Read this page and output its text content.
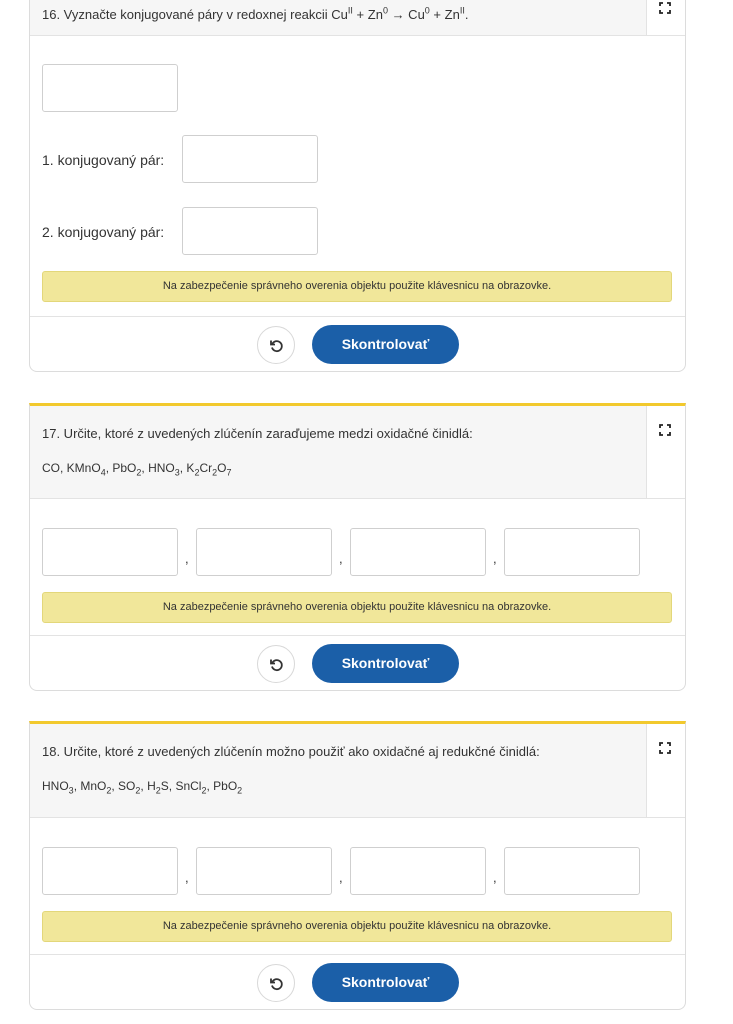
16. Vyznačte konjugované páry v redoxnej reakcii $Cu^{II} + Zn^0 \to Cu^0 + Zn^{II}$.
1. konjugovaný pár:
2. konjugovaný pár:
Na zabezpečenie správneho overenia objektu použite klávesnicu na obrazovke.
Skontrolovať
17. Určite, ktoré z uvedených zlúčenín zaraďujeme medzi oxidačné činidlá:
CO, KMnO$_4$, PbO$_2$, $HNO_3$, $K_2Cr_2O_7$
,	,	,
Na zabezpečenie správneho overenia objektu použite klávesnicu na obrazovke.
Skontrolovať
18. Určite, ktoré z uvedených zlúčenín možno použiť ako oxidačné aj redukčné činidlá:
$HNO_3$, MnO$_2$, $SO_2$, $H_2S$, SnCl$_2$, PbO$_2$
,	,	,
Na zabezpečenie správneho overenia objektu použite klávesnicu na obrazovke.
Skontrolovať
